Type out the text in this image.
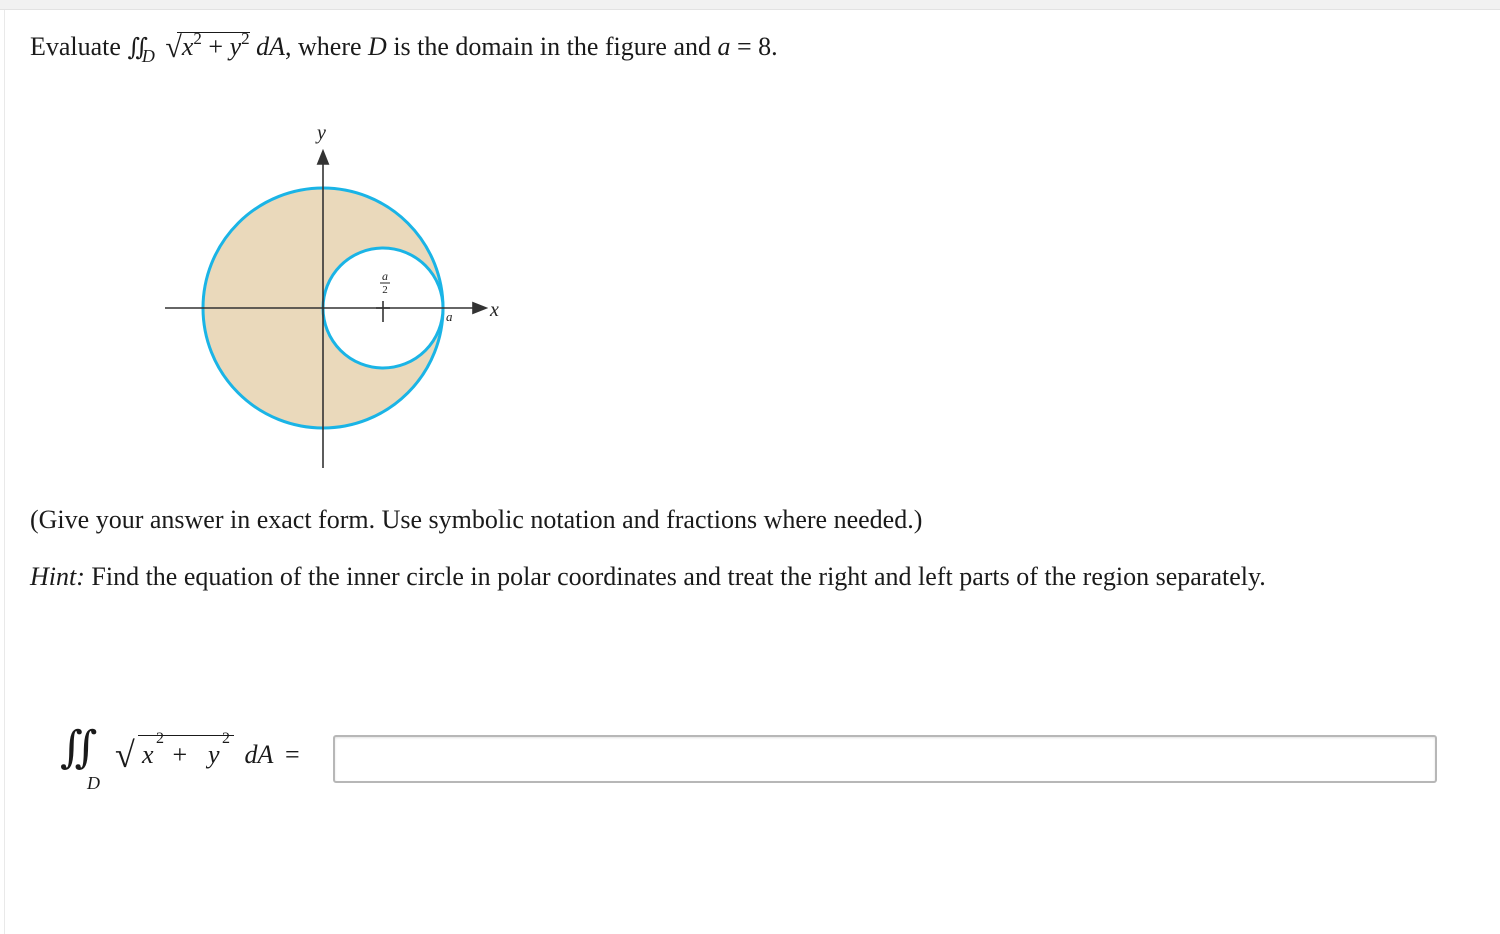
Evaluate $∬_D$ √
$x^2 + y^2$ dA, where D is the domain in the figure and a = 8.
y
x
a
a
2
(Give your answer in exact form. Use symbolic notation and fractions where needed.)
Hint: Find the equation of the inner circle in polar coordinates and treat the right and left parts of the region separately.
∬
D
√ x
2
+ y
2
dA =
